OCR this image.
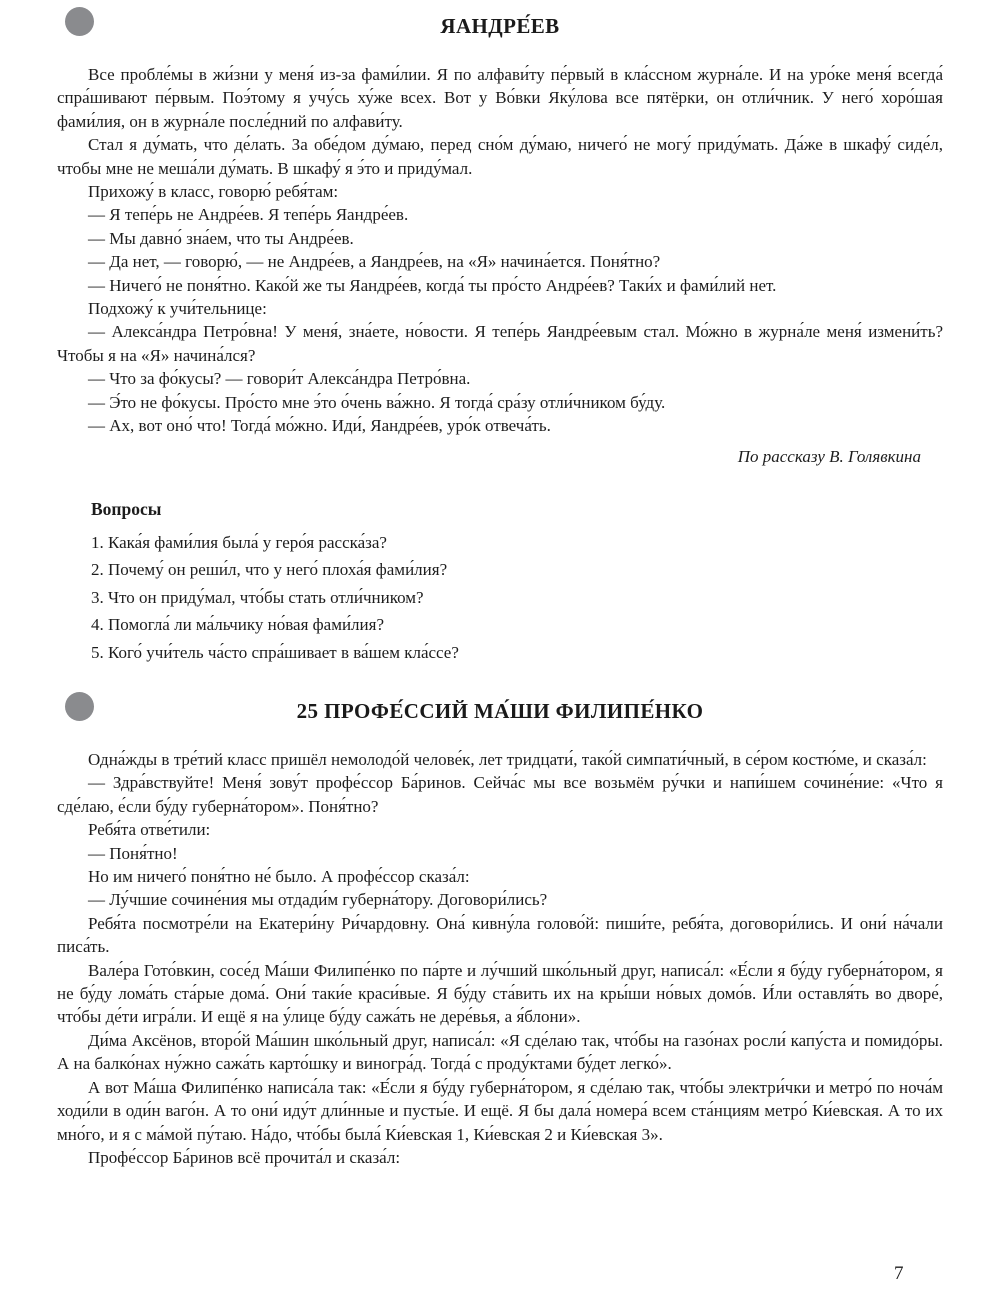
ЯАНДРЕ́ЕВ

Все пробле́мы в жи́зни у меня́ из-за фами́лии. Я по алфави́ту пе́рвый в кла́ссном журна́ле. И на уро́ке меня́ всегда́ спра́шивают пе́рвым. Поэ́тому я учу́сь ху́же всех. Вот у Во́вки Яку́лова все пятёрки, он отли́чник. У него́ хоро́шая фами́лия, он в журна́ле после́дний по алфави́ту.

Стал я ду́мать, что де́лать. За обе́дом ду́маю, перед сно́м ду́маю, ничего́ не могу́ приду́мать. Да́же в шкафу́ сиде́л, чтобы мне не меша́ли ду́мать. В шкафу́ я э́то и приду́мал.

Прихожу́ в класс, говорю́ ребя́там:

— Я тепе́рь не Андре́ев. Я тепе́рь Яандре́ев.

— Мы давно́ зна́ем, что ты Андре́ев.

— Да нет, — говорю́, — не Андре́ев, а Яандре́ев, на «Я» начина́ется. Поня́тно?

— Ничего́ не поня́тно. Како́й же ты Яандре́ев, когда́ ты про́сто Андре́ев? Таки́х и фами́лий нет.

Подхожу́ к учи́тельнице:

— Алекса́ндра Петро́вна! У меня́, зна́ете, но́вости. Я тепе́рь Яандре́евым стал. Мо́жно в журна́ле меня́ измени́ть? Чтобы я на «Я» начина́лся?

— Что за фо́кусы? — говори́т Алекса́ндра Петро́вна.

— Э́то не фо́кусы. Про́сто мне э́то о́чень ва́жно. Я тогда́ сра́зу отли́чником бу́ду.

— Ах, вот оно́ что! Тогда́ мо́жно. Иди́, Яандре́ев, уро́к отвеча́ть.

По рассказу В. Голявкина
Вопросы

1. Кака́я фами́лия была́ у геро́я расска́за?

2. Почему́ он реши́л, что у него́ плоха́я фами́лия?

3. Что он приду́мал, что́бы стать отли́чником?

4. Помогла́ ли ма́льчику но́вая фами́лия?

5. Кого́ учи́тель ча́сто спра́шивает в ва́шем кла́ссе?

25 ПРОФЕ́ССИЙ МА́ШИ ФИЛИПЕ́НКО

Одна́жды в тре́тий класс пришёл немолодо́й челове́к, лет тридцати́, тако́й симпати́чный, в се́ром костю́ме, и сказа́л:

— Здра́вствуйте! Меня́ зову́т профе́ссор Ба́ринов. Сейча́с мы все возьмём ру́чки и напи́шем сочине́ние: «Что я сде́лаю, е́сли бу́ду губерна́тором». Поня́тно?

Ребя́та отве́тили:

— Поня́тно!

Но им ничего́ поня́тно не́ было. А профе́ссор сказа́л:

— Лу́чшие сочине́ния мы отдади́м губерна́тору. Договори́лись?

Ребя́та посмотре́ли на Екатери́ну Ри́чардовну. Она́ кивну́ла голово́й: пиши́те, ребя́та, договори́лись. И они́ на́чали писа́ть.

Вале́ра Гото́вкин, сосе́д Ма́ши Филипе́нко по па́рте и лу́чший шко́льный друг, написа́л: «Е́сли я бу́ду губерна́тором, я не бу́ду лома́ть ста́рые дома́. Они́ таки́е краси́вые. Я бу́ду ста́вить их на кры́ши но́вых домо́в. И́ли оставля́ть во дворе́, что́бы де́ти игра́ли. И ещё я на у́лице бу́ду сажа́ть не дере́вья, а я́блони».

Ди́ма Аксёнов, второ́й Ма́шин шко́льный друг, написа́л: «Я сде́лаю так, что́бы на газо́нах росли́ капу́ста и помидо́ры. А на балко́нах ну́жно сажа́ть карто́шку и виногра́д. Тогда́ с проду́ктами бу́дет легко́».

А вот Ма́ша Филипе́нко написа́ла так: «Е́сли я бу́ду губерна́тором, я сде́лаю так, что́бы электри́чки и метро́ по ноча́м ходи́ли в оди́н ваго́н. А то они́ иду́т дли́нные и пусты́е. И ещё. Я бы дала́ номера́ всем ста́нциям метро́ Ки́евская. А то их мно́го, и я с ма́мой пу́таю. На́до, что́бы была́ Ки́евская 1, Ки́евская 2 и Ки́евская 3».

Профе́ссор Ба́ринов всё прочита́л и сказа́л:

7
